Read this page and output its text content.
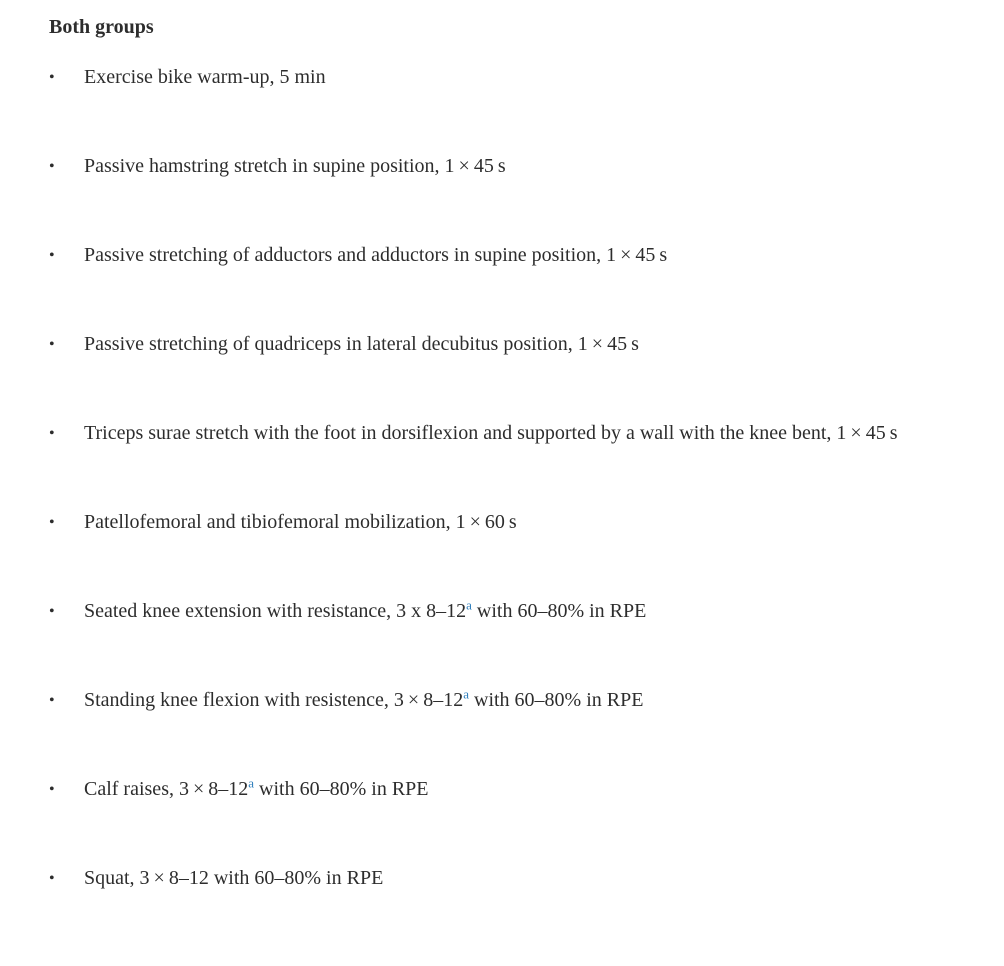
Both groups
•	Exercise bike warm-up, 5 min
•	Passive hamstring stretch in supine position, 1 × 45 s
•	Passive stretching of adductors and adductors in supine position, 1 × 45 s
•	Passive stretching of quadriceps in lateral decubitus position, 1 × 45 s
•	Triceps surae stretch with the foot in dorsiflexion and supported by a wall with the knee bent, 1 × 45 s
•	Patellofemoral and tibiofemoral mobilization, 1 × 60 s
•	Seated knee extension with resistance, 3 x 8–12$^a$ with 60–80% in RPE
•	Standing knee flexion with resistence, 3 × 8–12$^a$ with 60–80% in RPE
•	Calf raises, 3 × 8–12$^a$ with 60–80% in RPE
•	Squat, 3 × 8–12 with 60–80% in RPE
